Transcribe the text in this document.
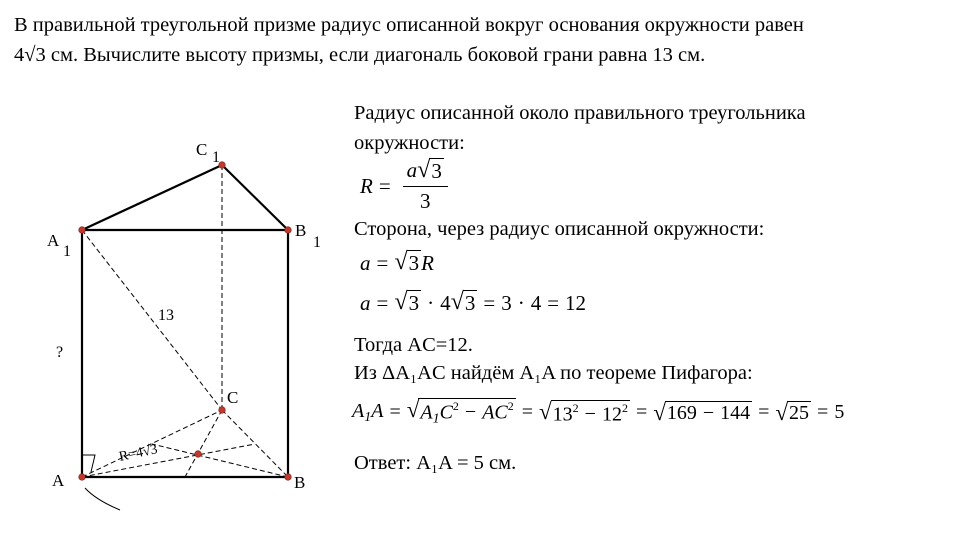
В правильной треугольной призме радиус описанной вокруг основания окружности равен
4√3 см. Вычислите высоту призмы, если диагональ боковой грани равна 13 см.

C 1
A
1
B
1
C
A	B
13
?
R=4√3
Радиус описанной около правильного треугольника
окружности:
$R = \frac{a √ 3}{3}$
Сторона, через радиус описанной окружности:
a = √ 3 R
a = √ 3 · 4 √ 3 = 3 · 4 = 12
Тогда AC=12.
Из ΔA₁AC найдём A₁A по теореме Пифагора:
$A_1A$ = √ $A_1C^2 - AC^2$ = √ $13^2 - 12^2$ = √ 169 − 144 = √ 25 = 5
Ответ: A₁A = 5 см.
